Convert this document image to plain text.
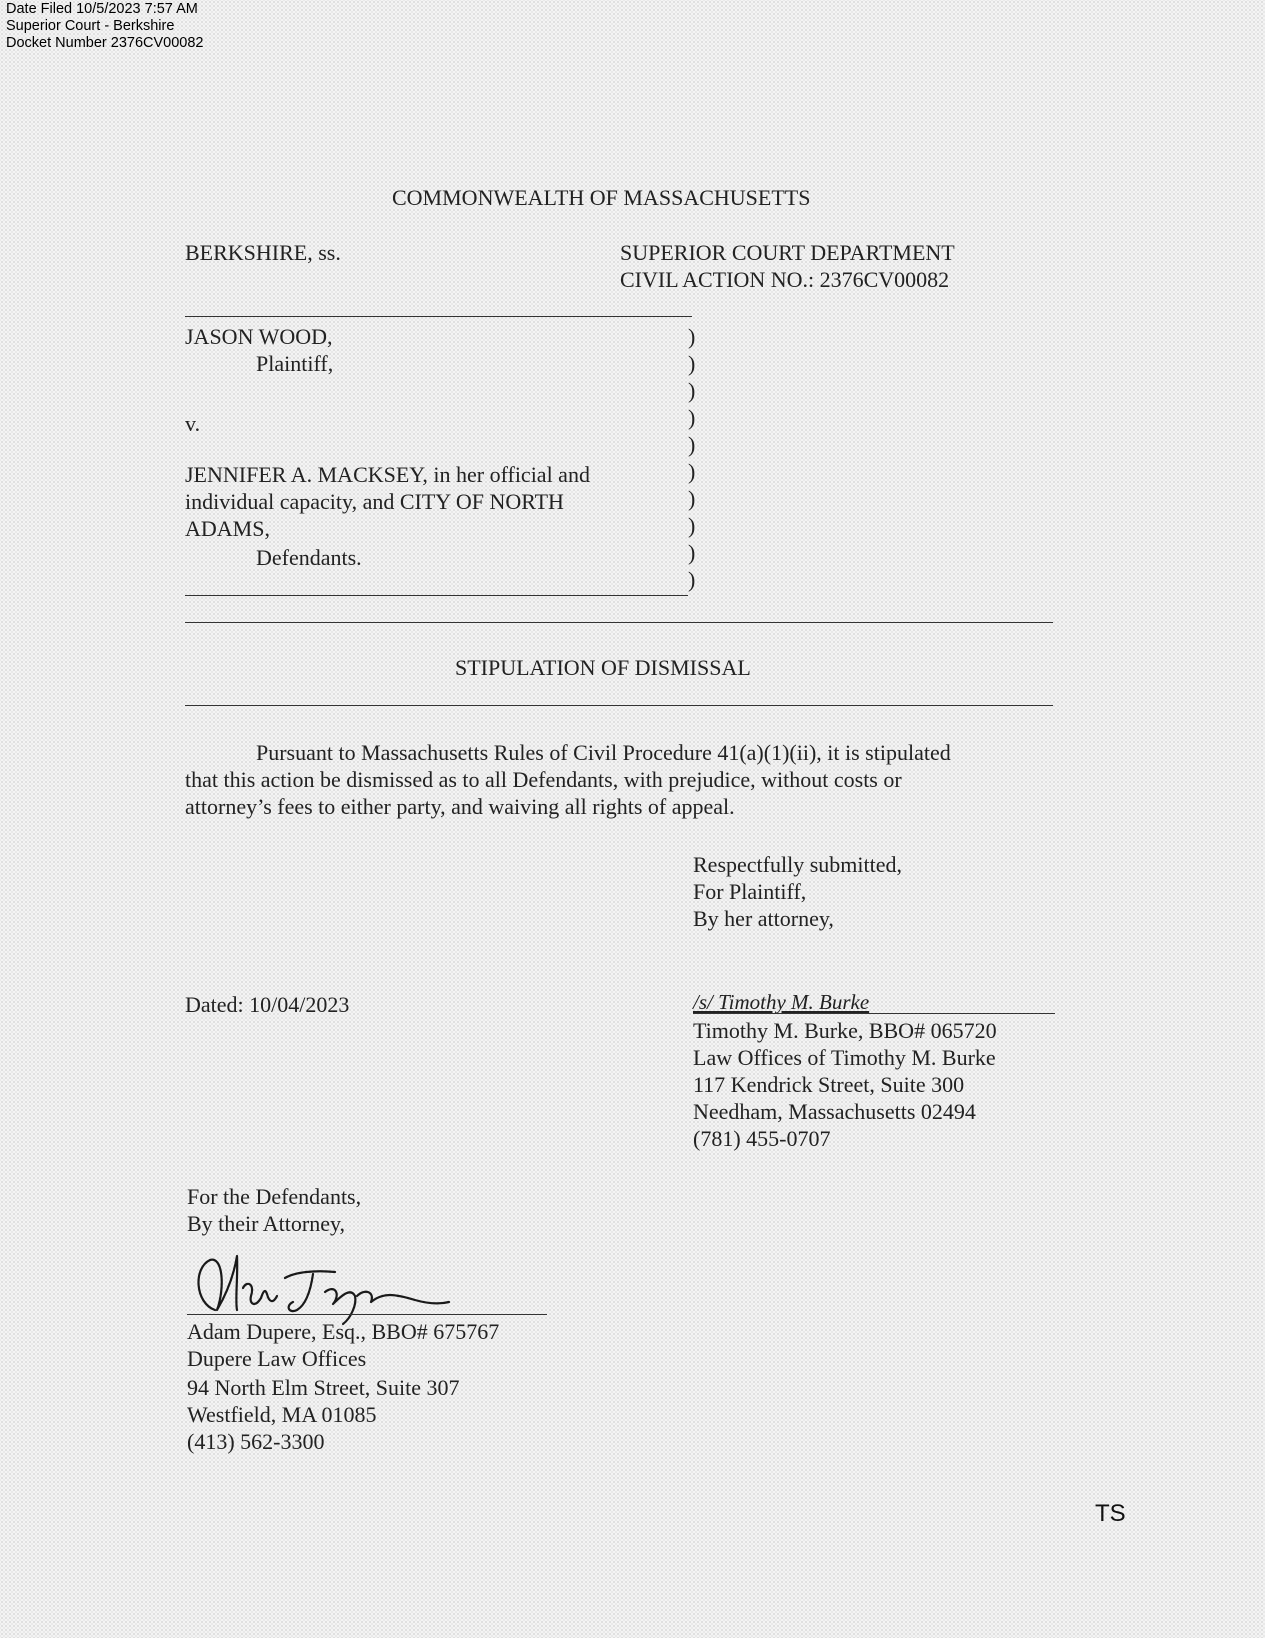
Date Filed 10/5/2023 7:57 AM
Superior Court - Berkshire
Docket Number 2376CV00082
COMMONWEALTH OF MASSACHUSETTS
BERKSHIRE, ss.	SUPERIOR COURT DEPARTMENT
CIVIL ACTION NO.: 2376CV00082
JASON WOOD,
Plaintiff,
v.
JENNIFER A. MACKSEY, in her official and
individual capacity, and CITY OF NORTH
ADAMS,
Defendants.
)
)
)
)
)
)
)
)
)
)
STIPULATION OF DISMISSAL
Pursuant to Massachusetts Rules of Civil Procedure 41(a)(1)(ii), it is stipulated
that this action be dismissed as to all Defendants, with prejudice, without costs or
attorney’s fees to either party, and waiving all rights of appeal.
Respectfully submitted,
For Plaintiff,
By her attorney,
Dated: 10/04/2023	/s/ Timothy M. Burke
Timothy M. Burke, BBO# 065720
Law Offices of Timothy M. Burke
117 Kendrick Street, Suite 300
Needham, Massachusetts 02494
(781) 455-0707
For the Defendants,
By their Attorney,
Adam Dupere, Esq., BBO# 675767
Dupere Law Offices
94 North Elm Street, Suite 307
Westfield, MA 01085
(413) 562-3300
TS
